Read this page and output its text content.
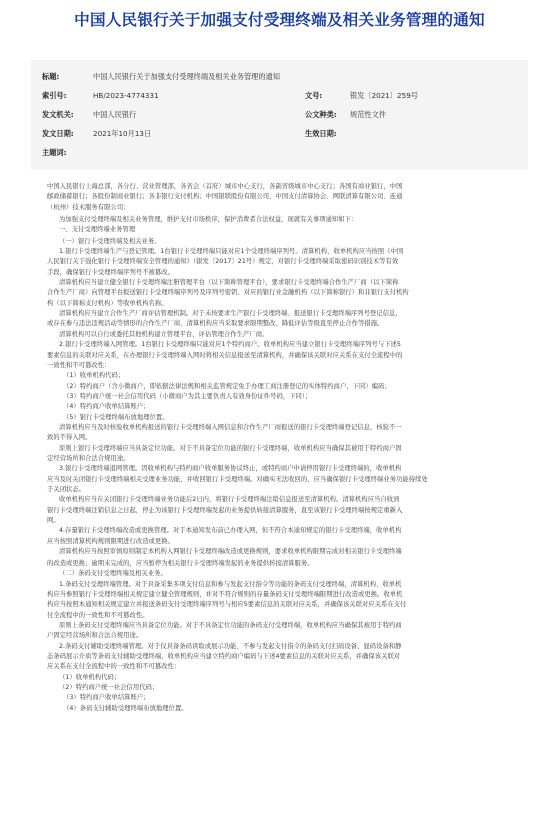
中国人民银行关于加强支付受理终端及相关业务管理的通知
标题:	中国人民银行关于加强支付受理终端及相关业务管理的通知
索引号:	HB/2023-4774331	文号:	银发〔2021〕259号
发文机关:	中国人民银行	公文种类: 规范性文件
发文日期:	2021年10月13日	生效日期:
主题词:

中国人民银行上海总部，各分行、营业管理部，各省会（首府）城市中心支行，各副省级城市中心支行；各国有商业银行，中国

邮政储蓄银行；各股份制商业银行；各非银行支付机构；中国银联股份有限公司、中国支付清算协会、网联清算有限公司、连通

（杭州）技术服务有限公司：

为加强支付受理终端及相关业务管理，维护支付市场秩序，保护消费者合法权益，现就有关事项通知如下：

一、支付受理终端业务管理

（一）银行卡受理终端及相关业务。

1.银行卡受理终端生产与登记管理。1台银行卡受理终端只能对应1个受理终端序列号。清算机构、收单机构应当按照《中国

人民银行关于强化银行卡受理终端安全管理的通知》（银发〔2017〕21号）规定，对银行卡受理终端采取密码识别技术等有效

手段，确保银行卡受理终端序列号不被篡改。

清算机构应当建立健全银行卡受理终端注册管理平台（以下简称管理平台），要求银行卡受理终端合作生产厂商（以下简称

合作生产厂商）向管理平台报送银行卡受理终端序列号及序列号密钥、对应的银行业金融机构（以下简称银行）和非银行支付机构

构（以下简称支付机构）等收单机构名称。

清算机构应当建立合作生产厂商评估管理机制。对于未按要求生产银行卡受理终端、报送银行卡受理终端序列号登记信息，

或存在参与违法违规活动等情形的合作生产厂商，清算机构应当采取要求限期整改、降低评估等级直至停止合作等措施。

清算机构可以自行或委托其他机构建立管理平台，评估管理合作生产厂商。

2.银行卡受理终端入网管理。1台银行卡受理终端只能对应1个特约商户。收单机构应当建立银行卡受理终端序列号与下述5

要素信息的关联对应关系，在办理银行卡受理终端入网时将相关信息报送至清算机构，并确保该关联对应关系在支付全流程中的

一致性和不可篡改性：

（1）收单机构代码；

（2）特约商户（含小微商户，即依据法律法规和相关监管规定免于办理工商注册登记的实体特约商户，下同）编码；

（3）特约商户统一社会信用代码（小微商户为其主要负责人有效身份证件号码，下同）；

（4）特约商户收单结算账户；

（5）银行卡受理终端布放地理位置。

清算机构应当及时核验收单机构报送的银行卡受理终端入网信息和合作生产厂商报送的银行卡受理终端登记信息，核验不一

致的不得入网。

原则上银行卡受理终端应当具备定位功能。对于不具备定位功能的银行卡受理终端，收单机构应当确保其被用于特约商户固

定经营场所和合法合规用途。

3.银行卡受理终端退网管理。因收单机构与特约商户收单服务协议终止，或特约商户申请停用银行卡受理终端的，收单机构

应当及时关闭银行卡受理终端相关受理业务功能，并收回银行卡受理终端。对确实无法收回的，应当确保银行卡受理终端业务功能持续处

于关闭状态。

收单机构应当在关闭银行卡受理终端业务功能后2日内，将银行卡受理终端注销信息报送至清算机构。清算机构应当自收到

银行卡受理终端注销信息之日起，停止为该银行卡受理终端发起的业务提供转接清算服务，直至该银行卡受理终端按规定重新入

网。

4.存量银行卡受理终端改造或更换管理。对于本通知发布前已办理入网，但不符合本通知规定的银行卡受理终端，收单机构

应当按照清算机构规则限期进行改造或更换。

清算机构应当按照审慎原则制定本机构入网银行卡受理终端改造或更换规则，要求收单机构限期完成对相关银行卡受理终端

的改造或更换；逾期未完成的，应当暂停为相关银行卡受理终端发起的业务提供转接清算服务。

（二）条码支付受理终端及相关业务。

1.条码支付受理终端管理。对于具备采集多项支付信息和参与发起支付指令等功能的条码支付受理终端，清算机构、收单机

构应当参照银行卡受理终端相关规定建立健全管理规则，并对不符合规则的存量条码支付受理终端限期进行改造或更换。收单机

构应当按照本通知相关规定建立并报送条码支付受理终端序列号与相应5要素信息的关联对应关系，并确保该关联对应关系在支付

付全流程中的一致性和不可篡改性。

原则上条码支付受理终端应当具备定位功能。对于不具备定位功能的条码支付受理终端，收单机构应当确保其被用于特约商

户固定经营场所和合法合规用途。

2.条码支付辅助受理终端管理。对于仅具备条码读取或展示功能、不参与发起支付指令的条码支付扫码设备、显码设备和静

态条码展示介质等条码支付辅助受理终端，收单机构应当建立特约商户编码与下述4要素信息的关联对应关系，并确保该关联对

应关系在支付全流程中的一致性和不可篡改性：

（1）收单机构代码；

（2）特约商户统一社会信用代码；

（3）特约商户收单结算账户；

（4）条码支付辅助受理终端布放地理位置。
